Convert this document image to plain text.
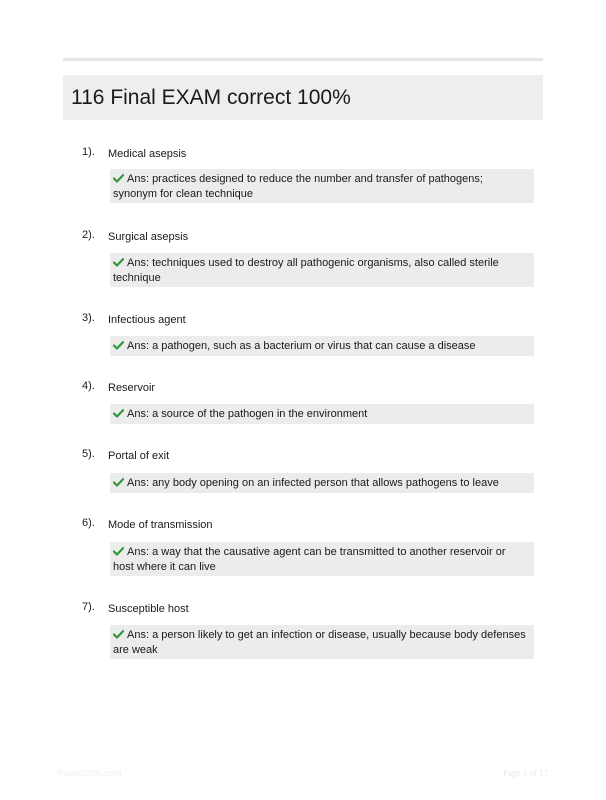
116 Final EXAM correct 100%
1). Medical asepsis
Ans: practices designed to reduce the number and transfer of pathogens; synonym for clean technique
2). Surgical asepsis
Ans: techniques used to destroy all pathogenic organisms, also called sterile technique
3). Infectious agent
Ans: a pathogen, such as a bacterium or virus that can cause a disease
4). Reservoir
Ans: a source of the pathogen in the environment
5). Portal of exit
Ans: any body opening on an infected person that allows pathogens to leave
6). Mode of transmission
Ans: a way that the causative agent can be transmitted to another reservoir or host where it can live
7). Susceptible host
Ans: a person likely to get an infection or disease, usually because body defenses are weak
PaperSbtic.com	Page 1 of 17
